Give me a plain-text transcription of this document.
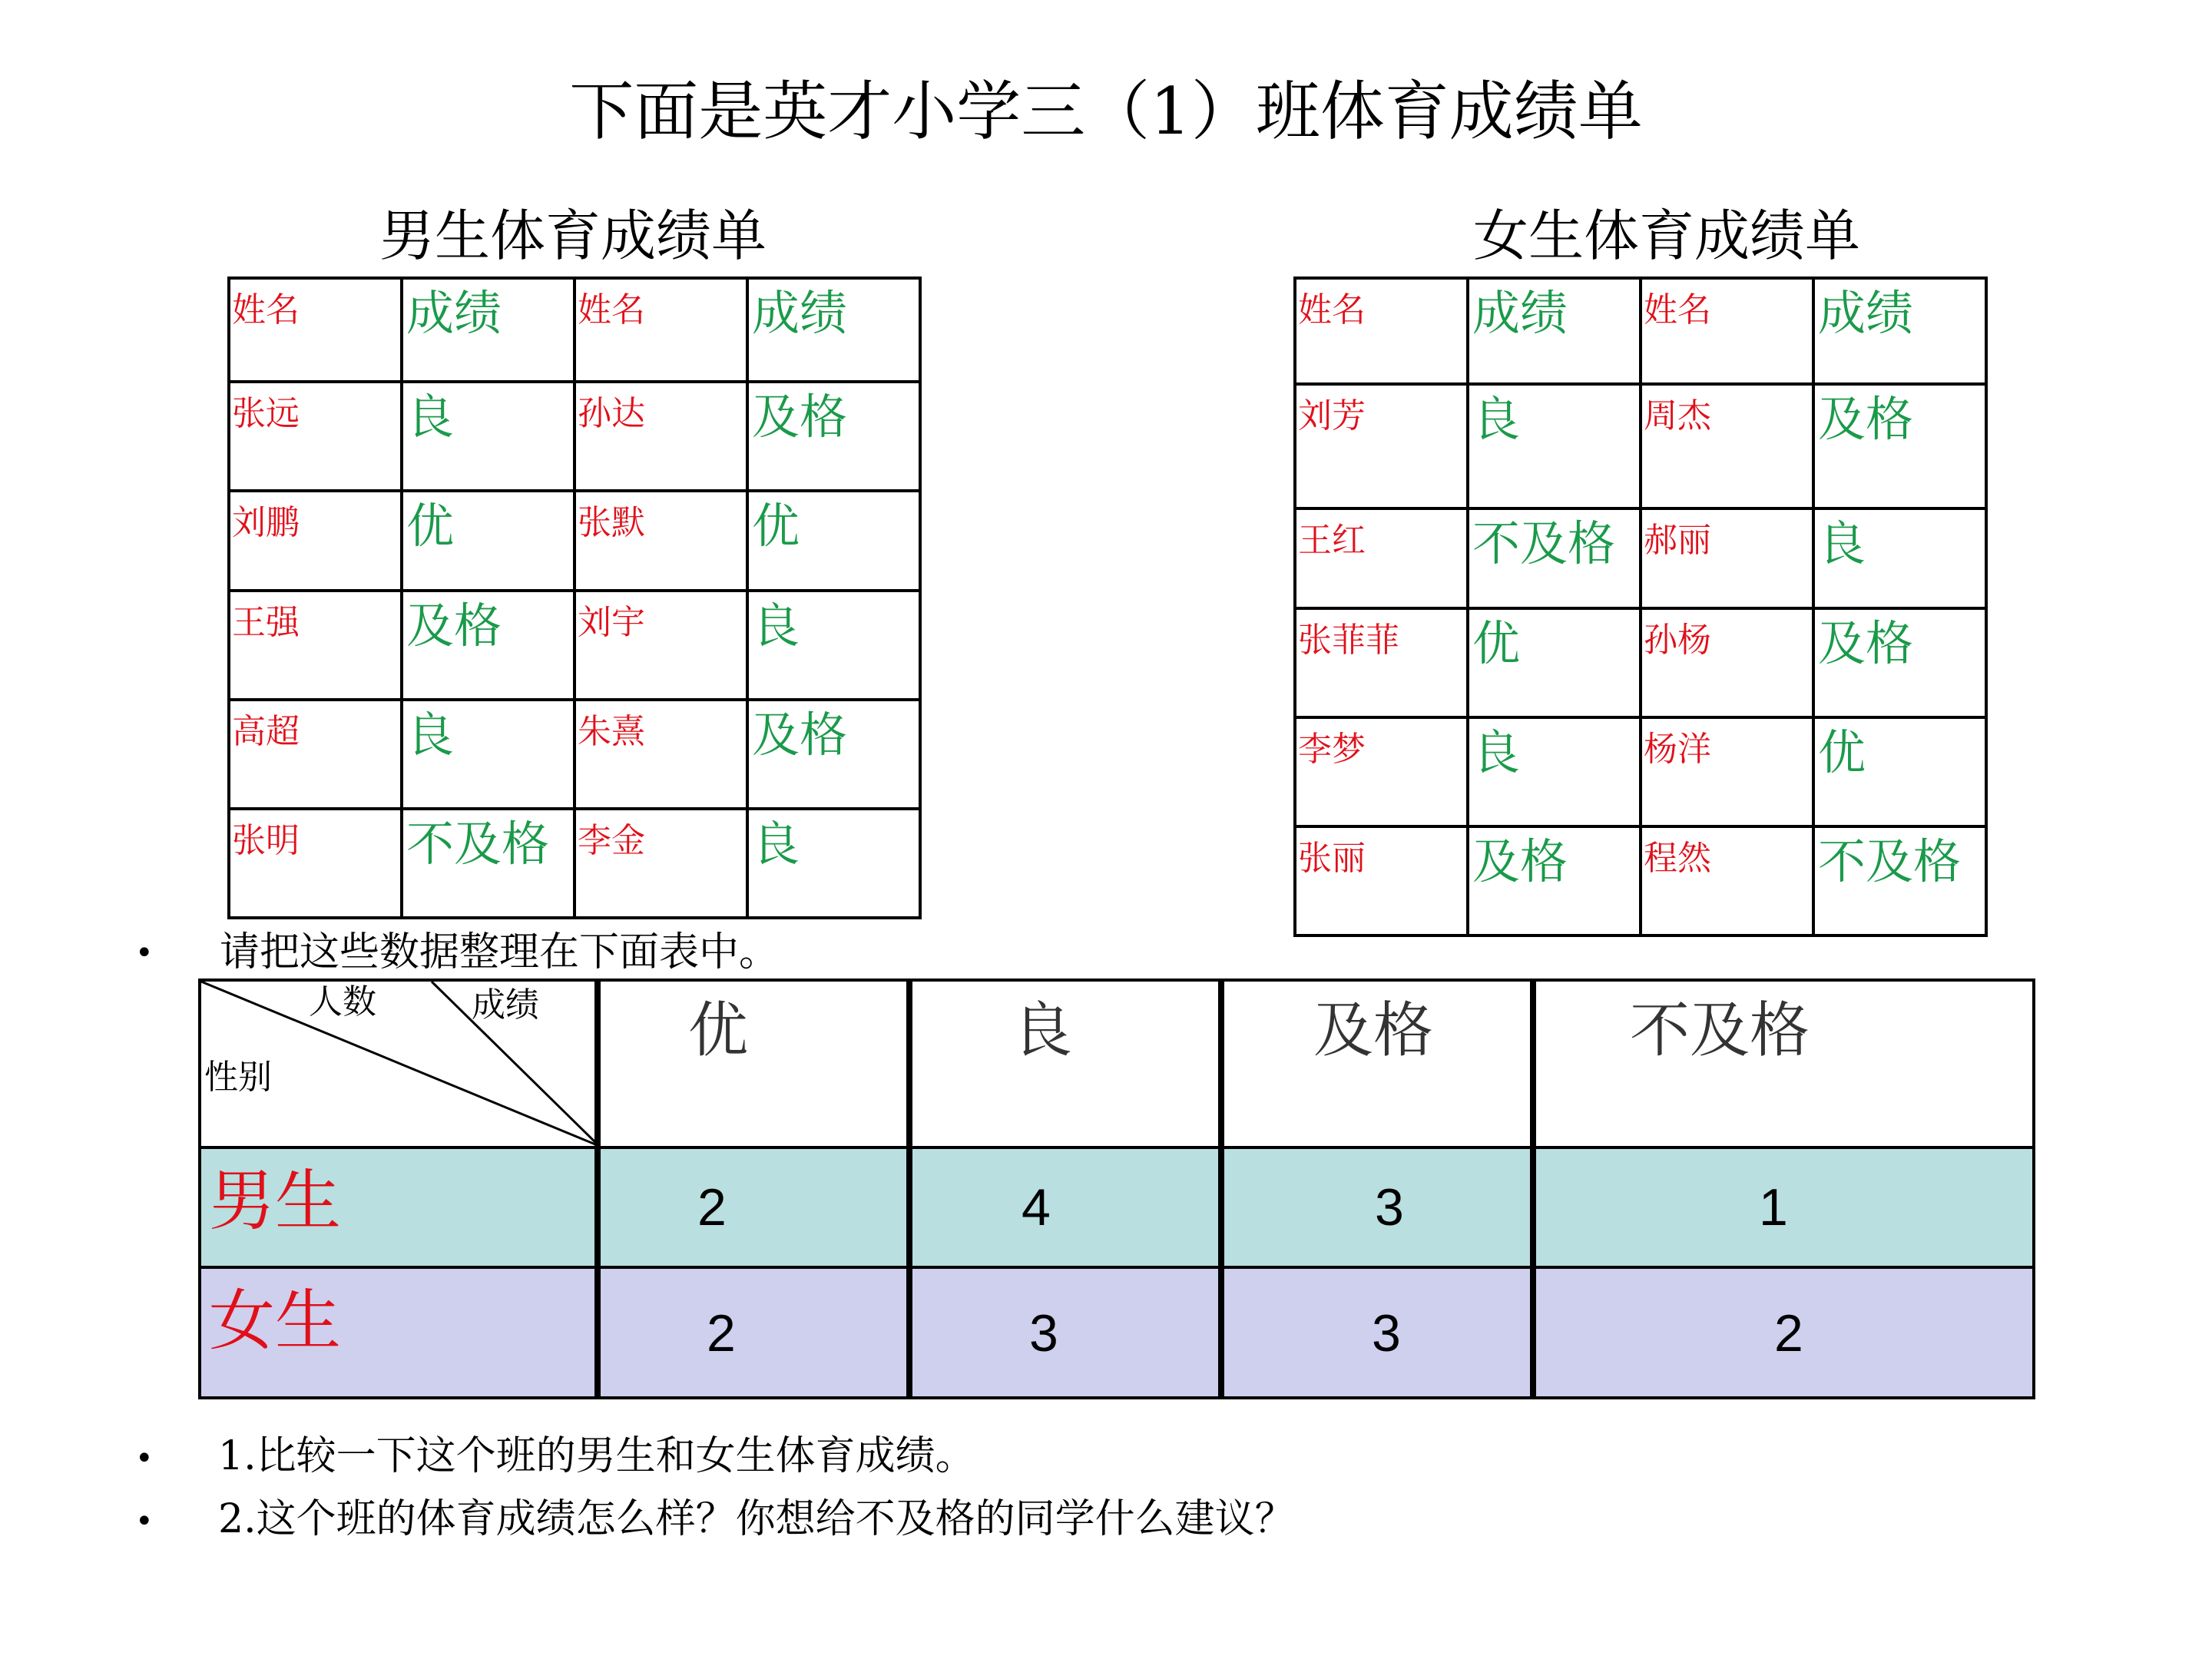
下面是英才小学三（1）班体育成绩单
男生体育成绩单	女生体育成绩单
姓名	成绩	姓名	成绩

张远	良	孙达	及格

刘鹏	优	张默	优

王强	及格	刘宇	良

高超	良	朱熹	及格

张明	不及格	李金	良
姓名	成绩	姓名	成绩

刘芳	良	周杰	及格

王红	不及格	郝丽	良

张菲菲	优	孙杨	及格

李梦	良	杨洋	优

张丽	及格	程然	不及格
• 请把这些数据整理在下面表中。
人数 成绩
性别	优	良	及格	不及格

男生	2	4	3	1

女生	2	3	3	2
• 1.比较一下这个班的男生和女生体育成绩。
• 2.这个班的体育成绩怎么样？你想给不及格的同学什么建议？
